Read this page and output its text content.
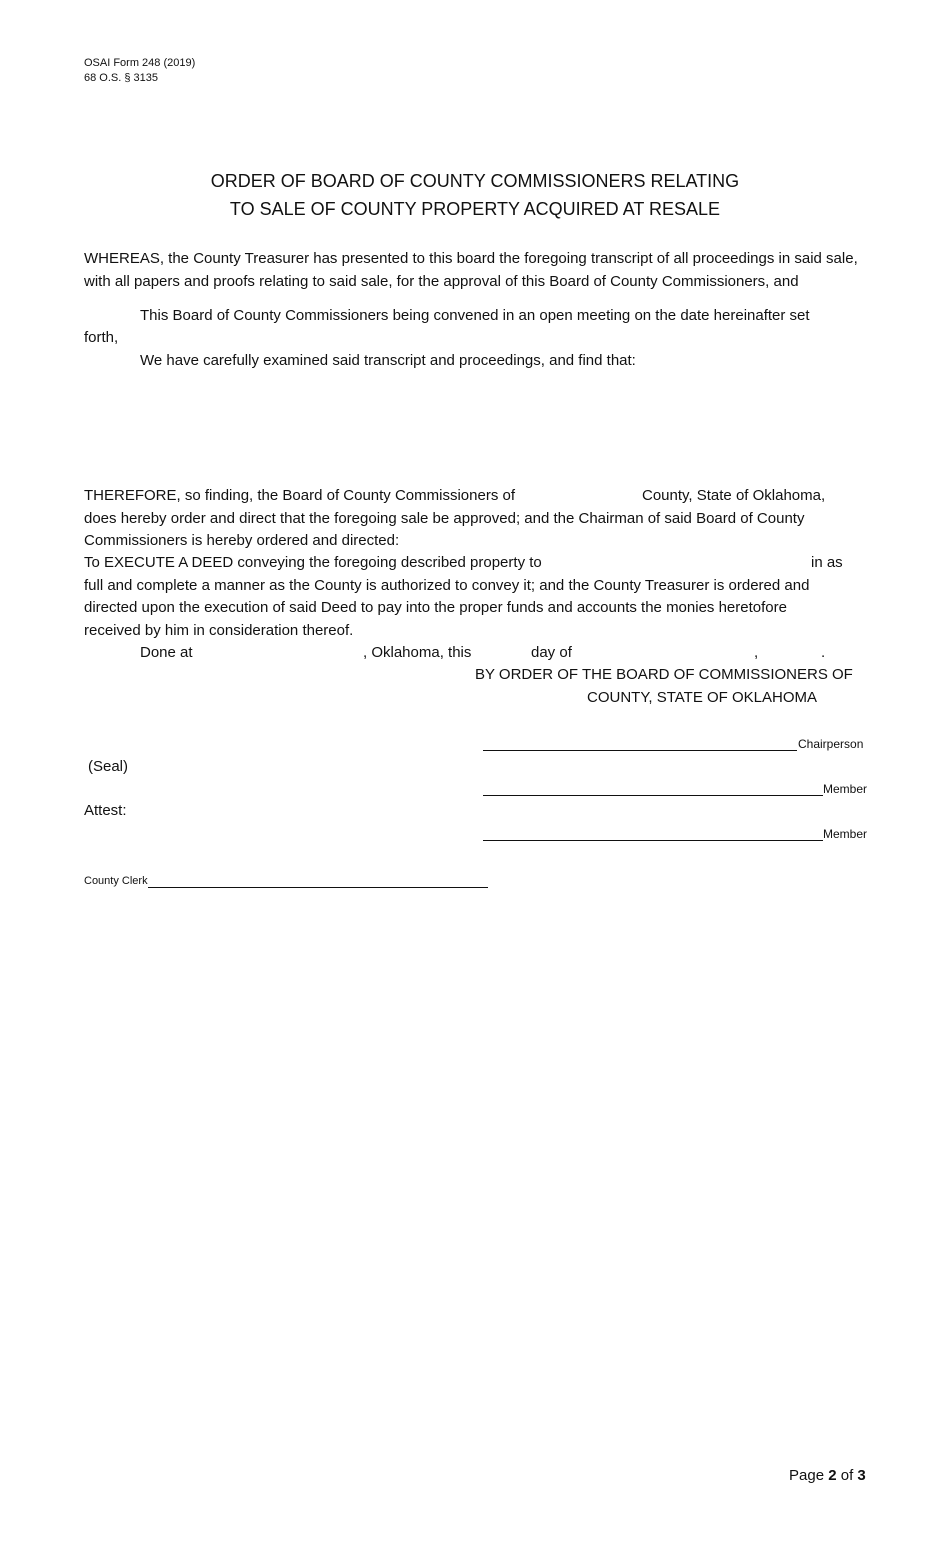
OSAI Form 248 (2019)
68 O.S. § 3135
ORDER OF BOARD OF COUNTY COMMISSIONERS RELATING
TO SALE OF COUNTY PROPERTY ACQUIRED AT RESALE
WHEREAS, the County Treasurer has presented to this board the foregoing transcript of all proceedings in said sale, with all papers and proofs relating to said sale, for the approval of this Board of County Commissioners, and
This Board of County Commissioners being convened in an open meeting on the date hereinafter set
forth,
We have carefully examined said transcript and proceedings, and find that:
THEREFORE, so finding, the Board of County Commissioners of	County, State of Oklahoma,
does hereby order and direct that the foregoing sale be approved; and the Chairman of said Board of County
Commissioners is hereby ordered and directed:
To EXECUTE A DEED conveying the foregoing described property to	in as
full and complete a manner as the County is authorized to convey it; and the County Treasurer is ordered and
directed upon the execution of said Deed to pay into the proper funds and accounts the monies heretofore
received by him in consideration thereof.
Done at	, Oklahoma, this	day of	,	.
BY ORDER OF THE BOARD OF COMMISSIONERS OF
COUNTY, STATE OF OKLAHOMA
Chairperson
(Seal)
Member
Attest:
Member
County Clerk
Page 2 of 3
